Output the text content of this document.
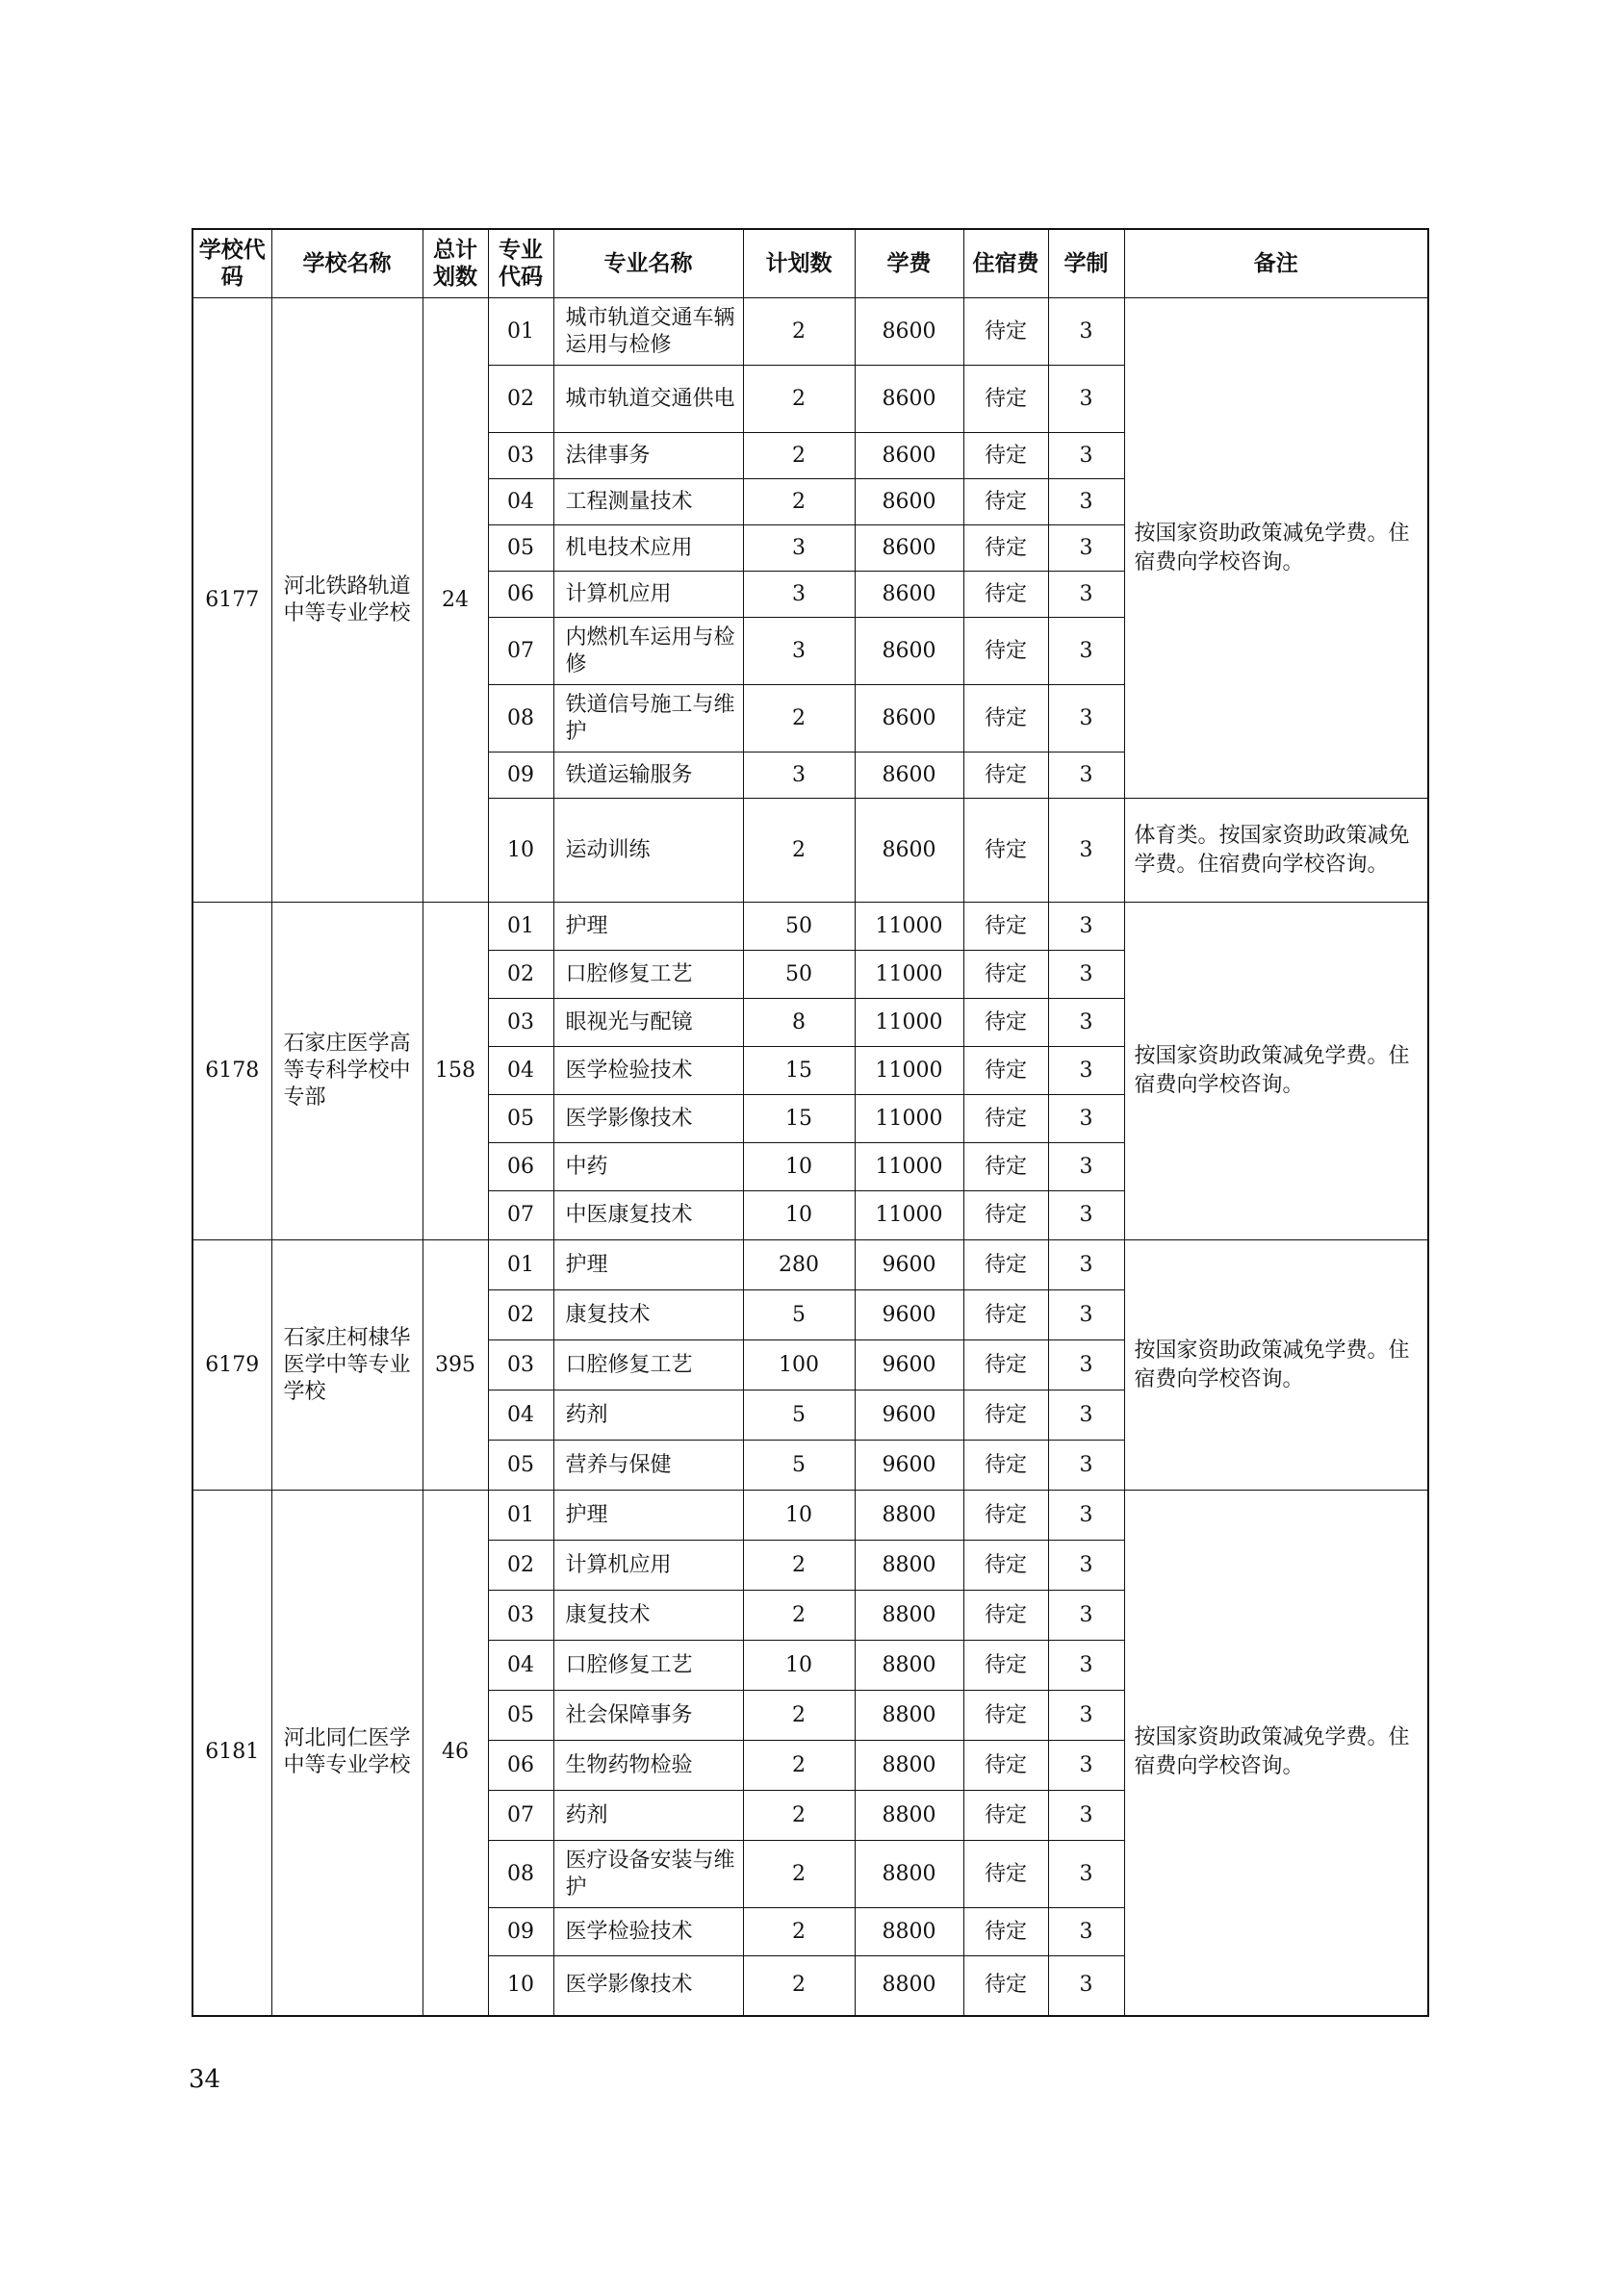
学校代码	学校名称	总计划数	专业代码	专业名称	计划数	学费	住宿费	学制	备注
6177	河北铁路轨道中等专业学校	24	01	城市轨道交通车辆运用与检修	2	8600	待定	3	按国家资助政策减免学费。住宿费向学校咨询。
			02	城市轨道交通供电	2	8600	待定	3	
			03	法律事务	2	8600	待定	3	
			04	工程测量技术	2	8600	待定	3	
			05	机电技术应用	3	8600	待定	3	
			06	计算机应用	3	8600	待定	3	
			07	内燃机车运用与检修	3	8600	待定	3	
			08	铁道信号施工与维护	2	8600	待定	3	
			09	铁道运输服务	3	8600	待定	3	
			10	运动训练	2	8600	待定	3	体育类。按国家资助政策减免学费。住宿费向学校咨询。
6178	石家庄医学高等专科学校中专部	158	01	护理	50	11000	待定	3	按国家资助政策减免学费。住宿费向学校咨询。
			02	口腔修复工艺	50	11000	待定	3	
			03	眼视光与配镜	8	11000	待定	3	
			04	医学检验技术	15	11000	待定	3	
			05	医学影像技术	15	11000	待定	3	
			06	中药	10	11000	待定	3	
			07	中医康复技术	10	11000	待定	3	
6179	石家庄柯棣华医学中等专业学校	395	01	护理	280	9600	待定	3	按国家资助政策减免学费。住宿费向学校咨询。
			02	康复技术	5	9600	待定	3	
			03	口腔修复工艺	100	9600	待定	3	
			04	药剂	5	9600	待定	3	
			05	营养与保健	5	9600	待定	3	
6181	河北同仁医学中等专业学校	46	01	护理	10	8800	待定	3	按国家资助政策减免学费。住宿费向学校咨询。
			02	计算机应用	2	8800	待定	3	
			03	康复技术	2	8800	待定	3	
			04	口腔修复工艺	10	8800	待定	3	
			05	社会保障事务	2	8800	待定	3	
			06	生物药物检验	2	8800	待定	3	
			07	药剂	2	8800	待定	3	
			08	医疗设备安装与维护	2	8800	待定	3	
			09	医学检验技术	2	8800	待定	3	
			10	医学影像技术	2	8800	待定	3	
34
